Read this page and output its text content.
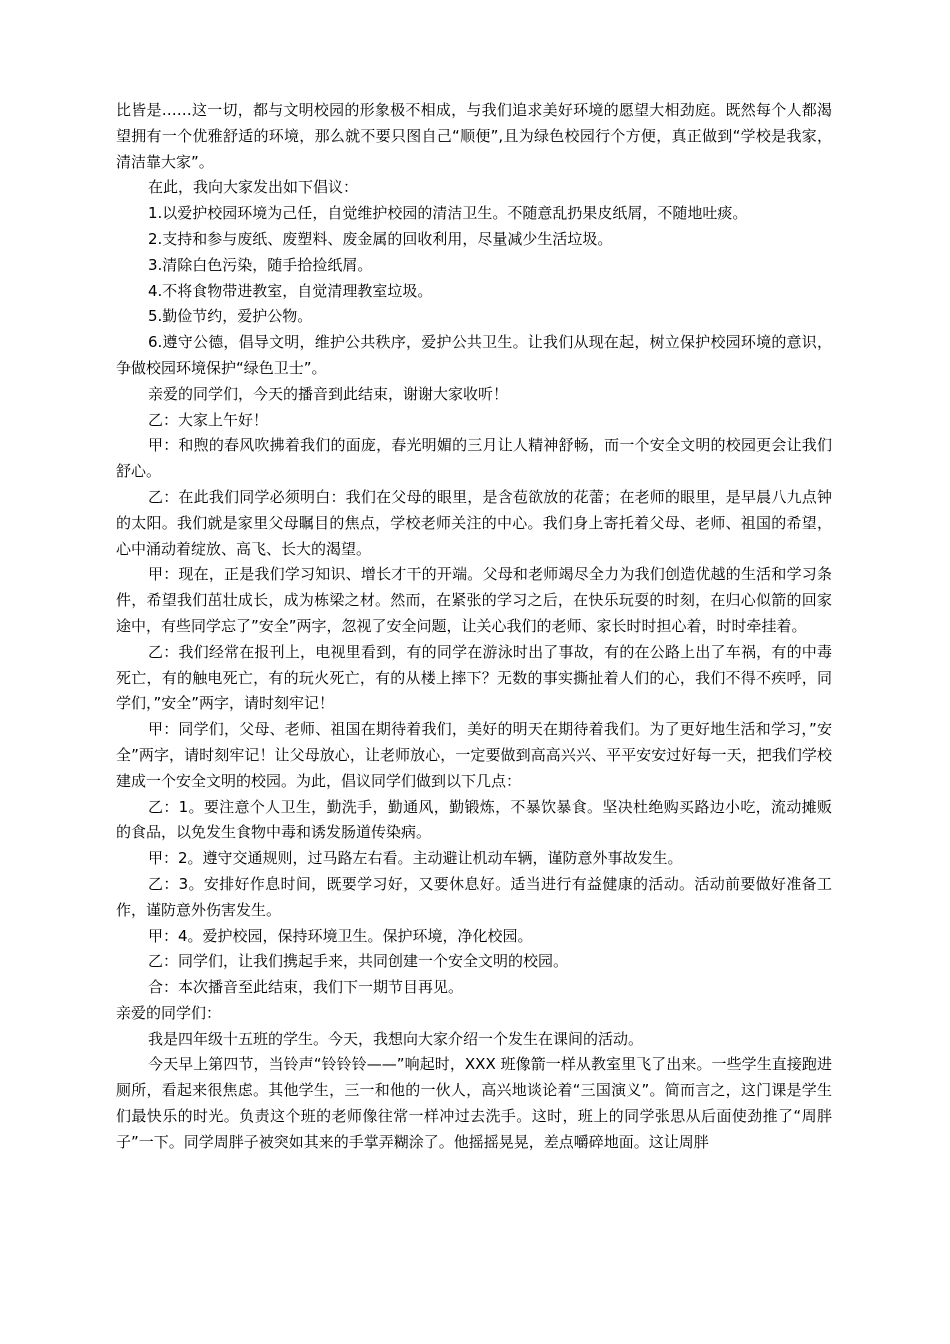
比皆是……这一切，都与文明校园的形象极不相成，与我们追求美好环境的愿望大相劲庭。既然每个人都渴望拥有一个优雅舒适的环境，那么就不要只图自己“顺便”,且为绿色校园行个方便，真正做到“学校是我家，清洁靠大家”。

在此，我向大家发出如下倡议：

1.以爱护校园环境为己任，自觉维护校园的清洁卫生。不随意乱扔果皮纸屑，不随地吐痰。

2.支持和参与废纸、废塑料、废金属的回收利用，尽量减少生活垃圾。

3.清除白色污染，随手拾捡纸屑。

4.不将食物带进教室，自觉清理教室垃圾。

5.勤俭节约，爱护公物。

6.遵守公德，倡导文明，维护公共秩序，爱护公共卫生。让我们从现在起，树立保护校园环境的意识，争做校园环境保护“绿色卫士”。

亲爱的同学们，今天的播音到此结束，谢谢大家收听！

乙：大家上午好！

甲：和煦的春风吹拂着我们的面庞，春光明媚的三月让人精神舒畅，而一个安全文明的校园更会让我们舒心。

乙：在此我们同学必须明白：我们在父母的眼里，是含苞欲放的花蕾；在老师的眼里，是早晨八九点钟的太阳。我们就是家里父母瞩目的焦点，学校老师关注的中心。我们身上寄托着父母、老师、祖国的希望，心中涌动着绽放、高飞、长大的渴望。

甲：现在，正是我们学习知识、增长才干的开端。父母和老师竭尽全力为我们创造优越的生活和学习条件，希望我们茁壮成长，成为栋梁之材。然而，在紧张的学习之后，在快乐玩耍的时刻，在归心似箭的回家途中，有些同学忘了”安全”两字，忽视了安全问题，让关心我们的老师、家长时时担心着，时时牵挂着。

乙：我们经常在报刊上，电视里看到，有的同学在游泳时出了事故，有的在公路上出了车祸，有的中毒死亡，有的触电死亡，有的玩火死亡，有的从楼上摔下？无数的事实撕扯着人们的心，我们不得不疾呼，同学们，”安全”两字，请时刻牢记！

甲：同学们，父母、老师、祖国在期待着我们，美好的明天在期待着我们。为了更好地生活和学习，”安全”两字，请时刻牢记！让父母放心，让老师放心，一定要做到高高兴兴、平平安安过好每一天，把我们学校建成一个安全文明的校园。为此，倡议同学们做到以下几点：

乙：1。要注意个人卫生，勤洗手，勤通风，勤锻炼，不暴饮暴食。坚决杜绝购买路边小吃，流动摊贩的食品，以免发生食物中毒和诱发肠道传染病。

甲：2。遵守交通规则，过马路左右看。主动避让机动车辆，谨防意外事故发生。

乙：3。安排好作息时间，既要学习好，又要休息好。适当进行有益健康的活动。活动前要做好准备工作，谨防意外伤害发生。

甲：4。爱护校园，保持环境卫生。保护环境，净化校园。

乙：同学们，让我们携起手来，共同创建一个安全文明的校园。

合：本次播音至此结束，我们下一期节目再见。

亲爱的同学们：

我是四年级十五班的学生。今天，我想向大家介绍一个发生在课间的活动。

今天早上第四节，当铃声“铃铃铃——”响起时，XXX 班像箭一样从教室里飞了出来。一些学生直接跑进厕所，看起来很焦虑。其他学生，三一和他的一伙人，高兴地谈论着“三国演义”。简而言之，这门课是学生们最快乐的时光。负责这个班的老师像往常一样冲过去洗手。这时，班上的同学张思从后面使劲推了“周胖子”一下。同学周胖子被突如其来的手掌弄糊涂了。他摇摇晃晃，差点嚼碎地面。这让周胖
